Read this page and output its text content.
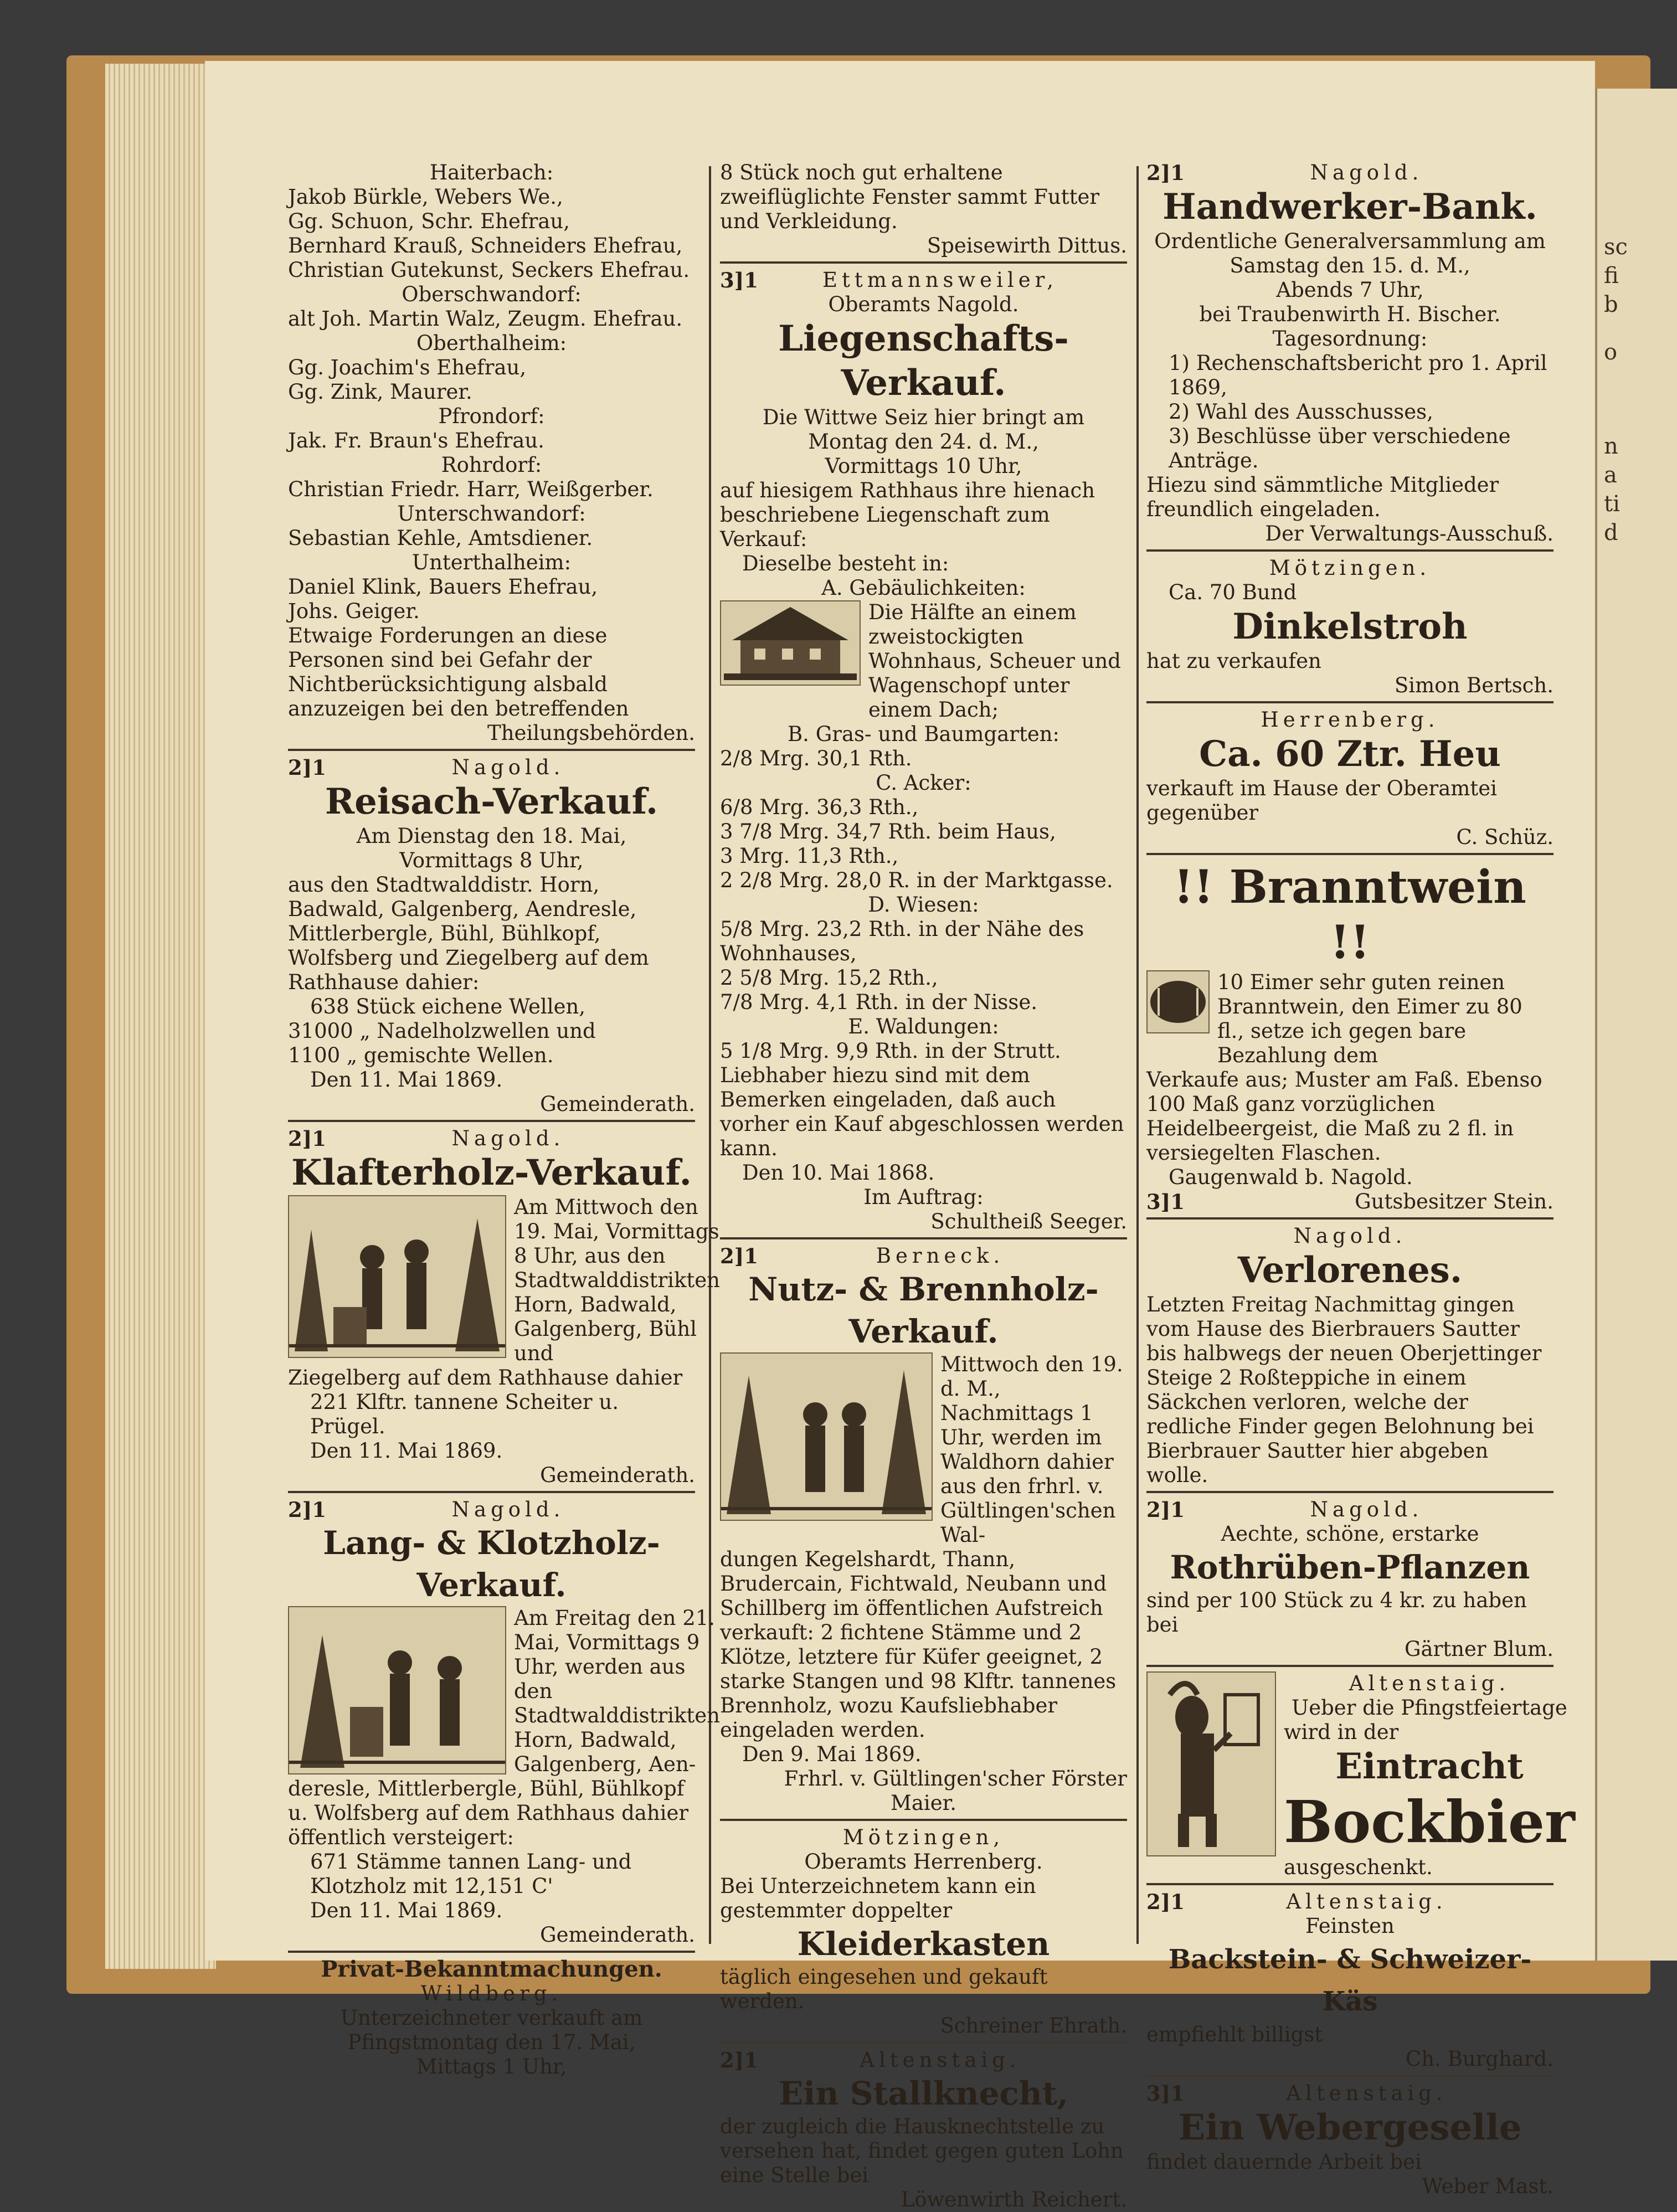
sc
fi
b
o
n
a
ti
d

Haiterbach:

Jakob Bürkle, Webers We.,

Gg. Schuon, Schr. Ehefrau,

Bernhard Krauß, Schneiders Ehefrau,

Christian Gutekunst, Seckers Ehefrau.

Oberschwandorf:

alt Joh. Martin Walz, Zeugm. Ehefrau.

Oberthalheim:

Gg. Joachim's Ehefrau,

Gg. Zink, Maurer.

Pfrondorf:

Jak. Fr. Braun's Ehefrau.

Rohrdorf:

Christian Friedr. Harr, Weißgerber.

Unterschwandorf:

Sebastian Kehle, Amtsdiener.

Unterthalheim:

Daniel Klink, Bauers Ehefrau,

Johs. Geiger.

Etwaige Forderungen an diese Personen sind bei Gefahr der Nichtberücksichtigung alsbald anzuzeigen bei den betreffenden

Theilungsbehörden.

2]1	Nagold.

Reisach-Verkauf.

Am Dienstag den 18. Mai,

Vormittags 8 Uhr,

aus den Stadtwalddistr. Horn, Badwald, Galgenberg, Aendresle, Mittlerbergle, Bühl, Bühlkopf, Wolfsberg und Ziegelberg auf dem Rathhause dahier:

638 Stück eichene Wellen,

31000 „ Nadelholzwellen und

1100 „ gemischte Wellen.

Den 11. Mai 1869.

Gemeinderath.

2]1	Nagold.

Klafterholz-Verkauf.

Am Mittwoch den 19. Mai, Vormittags 8 Uhr, aus den Stadtwalddistrikten Horn, Badwald, Galgenberg, Bühl und

Ziegelberg auf dem Rathhause dahier

221 Klftr. tannene Scheiter u. Prügel.

Den 11. Mai 1869.

Gemeinderath.

2]1	Nagold.

Lang- & Klotzholz-Verkauf.

Am Freitag den 21. Mai, Vormittags 9 Uhr, werden aus den Stadtwalddistrikten Horn, Badwald, Galgenberg, Aen-

deresle, Mittlerbergle, Bühl, Bühlkopf u. Wolfsberg auf dem Rathhaus dahier öffentlich versteigert:

671 Stämme tannen Lang- und Klotzholz mit 12,151 C'

Den 11. Mai 1869.

Gemeinderath.

Privat-Bekanntmachungen.

Wildberg.

Unterzeichneter verkauft am

Pfingstmontag den 17. Mai,

Mittags 1 Uhr,

8 Stück noch gut erhaltene zweiflüglichte Fenster sammt Futter und Verkleidung.

Speisewirth Dittus.

3]1	Ettmannsweiler,

Oberamts Nagold.

Liegenschafts-Verkauf.

Die Wittwe Seiz hier bringt am

Montag den 24. d. M.,

Vormittags 10 Uhr,

auf hiesigem Rathhaus ihre hienach beschriebene Liegenschaft zum Verkauf:

Dieselbe besteht in:

A. Gebäulichkeiten:

Die Hälfte an einem zweistockigten Wohnhaus, Scheuer und Wagenschopf unter einem Dach;

B. Gras- und Baumgarten:

2/8 Mrg. 30,1 Rth.

C. Acker:

6/8 Mrg. 36,3 Rth.,

3 7/8 Mrg. 34,7 Rth. beim Haus,

3 Mrg. 11,3 Rth.,

2 2/8 Mrg. 28,0 R. in der Marktgasse.

D. Wiesen:

5/8 Mrg. 23,2 Rth. in der Nähe des Wohnhauses,

2 5/8 Mrg. 15,2 Rth.,

7/8 Mrg. 4,1 Rth. in der Nisse.

E. Waldungen:

5 1/8 Mrg. 9,9 Rth. in der Strutt.

Liebhaber hiezu sind mit dem Bemerken eingeladen, daß auch vorher ein Kauf abgeschlossen werden kann.

Den 10. Mai 1868.

Im Auftrag:

Schultheiß Seeger.

2]1	Berneck.

Nutz- & Brennholz-Verkauf.

Mittwoch den 19. d. M., Nachmittags 1 Uhr, werden im Waldhorn dahier aus den frhrl. v. Gültlingen'schen Wal-

dungen Kegelshardt, Thann, Brudercain, Fichtwald, Neubann und Schillberg im öffentlichen Aufstreich verkauft: 2 fichtene Stämme und 2 Klötze, letztere für Küfer geeignet, 2 starke Stangen und 98 Klftr. tannenes Brennholz, wozu Kaufsliebhaber eingeladen werden.

Den 9. Mai 1869.

Frhrl. v. Gültlingen'scher Förster

Maier.

Mötzingen,

Oberamts Herrenberg.

Bei Unterzeichnetem kann ein gestemmter doppelter

Kleiderkasten

täglich eingesehen und gekauft werden.

Schreiner Ehrath.

2]1	Altenstaig.

Ein Stallknecht,

der zugleich die Hausknechtstelle zu versehen hat, findet gegen guten Lohn eine Stelle bei

Löwenwirth Reichert.

2]1	Nagold.

Handwerker-Bank.

Ordentliche Generalversammlung am

Samstag den 15. d. M.,

Abends 7 Uhr,

bei Traubenwirth H. Bischer.

Tagesordnung:

1) Rechenschaftsbericht pro 1. April 1869,

2) Wahl des Ausschusses,

3) Beschlüsse über verschiedene Anträge.

Hiezu sind sämmtliche Mitglieder freundlich eingeladen.

Der Verwaltungs-Ausschuß.

Mötzingen.

Ca. 70 Bund

Dinkelstroh

hat zu verkaufen

Simon Bertsch.

Herrenberg.

Ca. 60 Ztr. Heu

verkauft im Hause der Oberamtei gegenüber

C. Schüz.

!! Branntwein !!

10 Eimer sehr guten reinen Branntwein, den Eimer zu 80 fl., setze ich gegen bare Bezahlung dem

Verkaufe aus; Muster am Faß. Ebenso 100 Maß ganz vorzüglichen Heidelbeergeist, die Maß zu 2 fl. in versiegelten Flaschen.

Gaugenwald b. Nagold.

3]1	Gutsbesitzer Stein.

Nagold.

Verlorenes.

Letzten Freitag Nachmittag gingen vom Hause des Bierbrauers Sautter bis halbwegs der neuen Oberjettinger Steige 2 Roßteppiche in einem Säckchen verloren, welche der redliche Finder gegen Belohnung bei Bierbrauer Sautter hier abgeben wolle.

2]1	Nagold.

Aechte, schöne, erstarke

Rothrüben-Pflanzen

sind per 100 Stück zu 4 kr. zu haben bei

Gärtner Blum.

Altenstaig.

Ueber die Pfingstfeiertage

wird in der

Eintracht

Bockbier

ausgeschenkt.

2]1	Altenstaig.

Feinsten

Backstein- & Schweizer-Käs

empfiehlt billigst

Ch. Burghard.

3]1	Altenstaig.

Ein Webergeselle

findet dauernde Arbeit bei

Weber Mast.
